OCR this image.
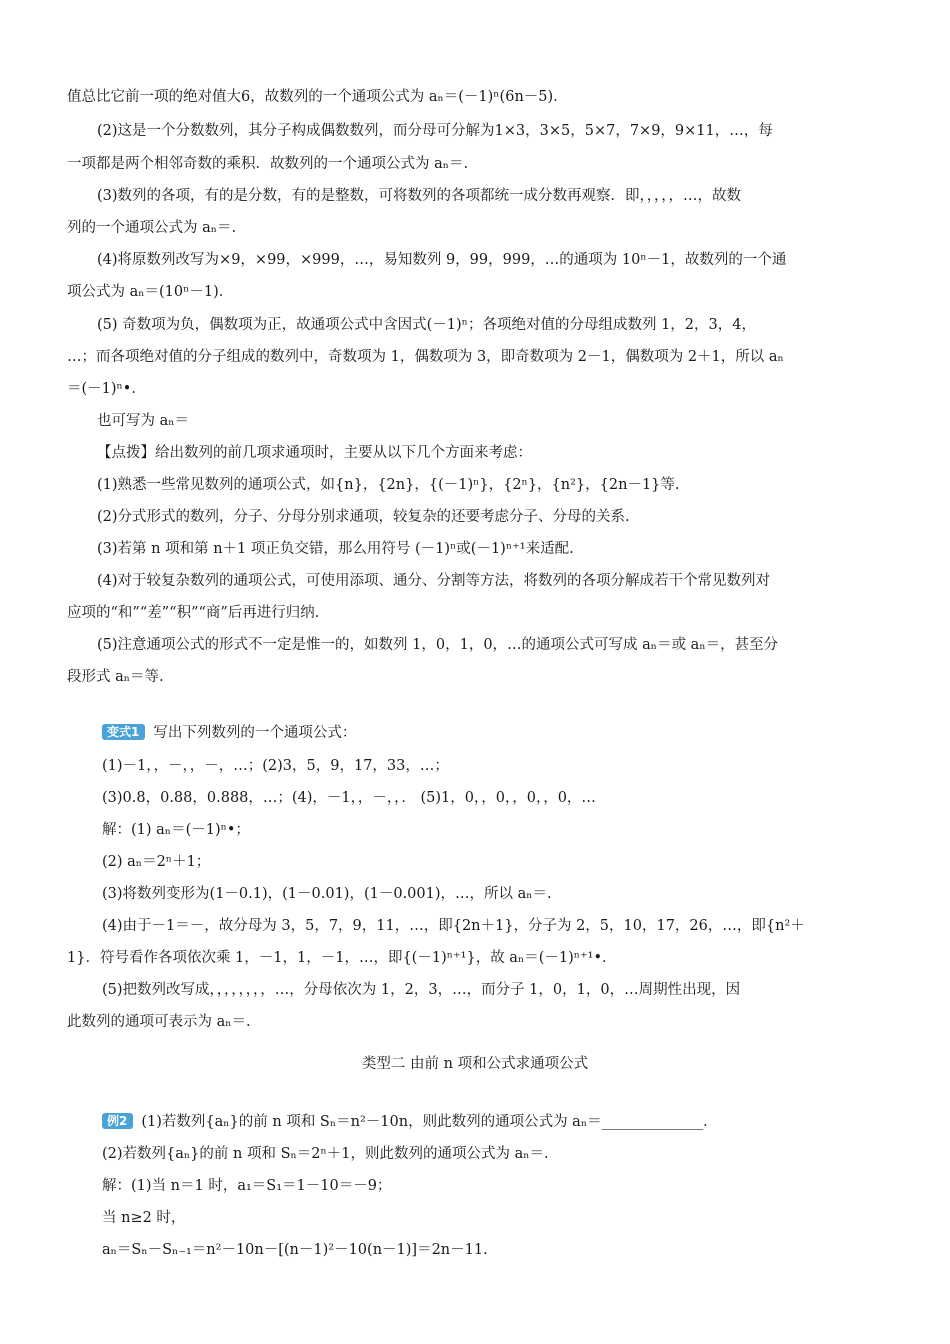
值总比它前一项的绝对值大6，故数列的一个通项公式为 aₙ＝(－1)ⁿ(6n－5)．
(2)这是一个分数数列，其分子构成偶数数列，而分母可分解为1×3，3×5，5×7，7×9，9×11，…，每
一项都是两个相邻奇数的乘积．故数列的一个通项公式为 aₙ＝.
(3)数列的各项，有的是分数，有的是整数，可将数列的各项都统一成分数再观察．即，，，，，…，故数
列的一个通项公式为 aₙ＝.
(4)将原数列改写为×9，×99，×999，…，易知数列 9，99，999，…的通项为 10ⁿ－1，故数列的一个通
项公式为 aₙ＝(10ⁿ－1)．
(5) 奇数项为负，偶数项为正，故通项公式中含因式(－1)ⁿ；各项绝对值的分母组成数列 1，2，3，4，
…；而各项绝对值的分子组成的数列中，奇数项为 1，偶数项为 3，即奇数项为 2－1，偶数项为 2＋1，所以 aₙ
＝(－1)ⁿ•．
也可写为 aₙ＝
【点拨】给出数列的前几项求通项时，主要从以下几个方面来考虑：
(1)熟悉一些常见数列的通项公式，如{n}，{2n}，{(－1)ⁿ}，{2ⁿ}，{n²}，{2n－1}等.
(2)分式形式的数列，分子、分母分别求通项，较复杂的还要考虑分子、分母的关系.
(3)若第 n 项和第 n＋1 项正负交错，那么用符号 (－1)ⁿ或(－1)ⁿ⁺¹来适配.
(4)对于较复杂数列的通项公式，可使用添项、通分、分割等方法，将数列的各项分解成若干个常见数列对
应项的“和”“差”“积”“商”后再进行归纳.
(5)注意通项公式的形式不一定是惟一的，如数列 1，0，1，0，…的通项公式可写成 aₙ＝或 aₙ＝，甚至分
段形式 aₙ＝等.
变式1 写出下列数列的一个通项公式：
(1)－1，，－，，－，…；(2)3，5，9，17，33，…；
(3)0.8，0.88，0.888，…；(4)，－1，，－，，． (5)1，0，，0，，0，，0，…
解：(1) aₙ＝(－1)ⁿ•；
(2) aₙ＝2ⁿ＋1；
(3)将数列变形为(1－0.1)，(1－0.01)，(1－0.001)，…，所以 aₙ＝.
(4)由于－1＝－，故分母为 3，5，7，9，11，…，即{2n＋1}，分子为 2，5，10，17，26，…，即{n²＋
1}．符号看作各项依次乘 1，－1，1，－1，…，即{(－1)ⁿ⁺¹}，故 aₙ＝(－1)ⁿ⁺¹•．
(5)把数列改写成，，，，，，，，…，分母依次为 1，2，3，…，而分子 1，0，1，0，…周期性出现，因
此数列的通项可表示为 aₙ＝.
类型二 由前 n 项和公式求通项公式
例2 (1)若数列{aₙ}的前 n 项和 Sₙ＝n²－10n，则此数列的通项公式为 aₙ＝______________．
(2)若数列{aₙ}的前 n 项和 Sₙ＝2ⁿ＋1，则此数列的通项公式为 aₙ＝.
解：(1)当 n＝1 时，a₁＝S₁＝1－10＝－9；
当 n≥2 时，
aₙ＝Sₙ－Sₙ₋₁＝n²－10n－[(n－1)²－10(n－1)]＝2n－11.
